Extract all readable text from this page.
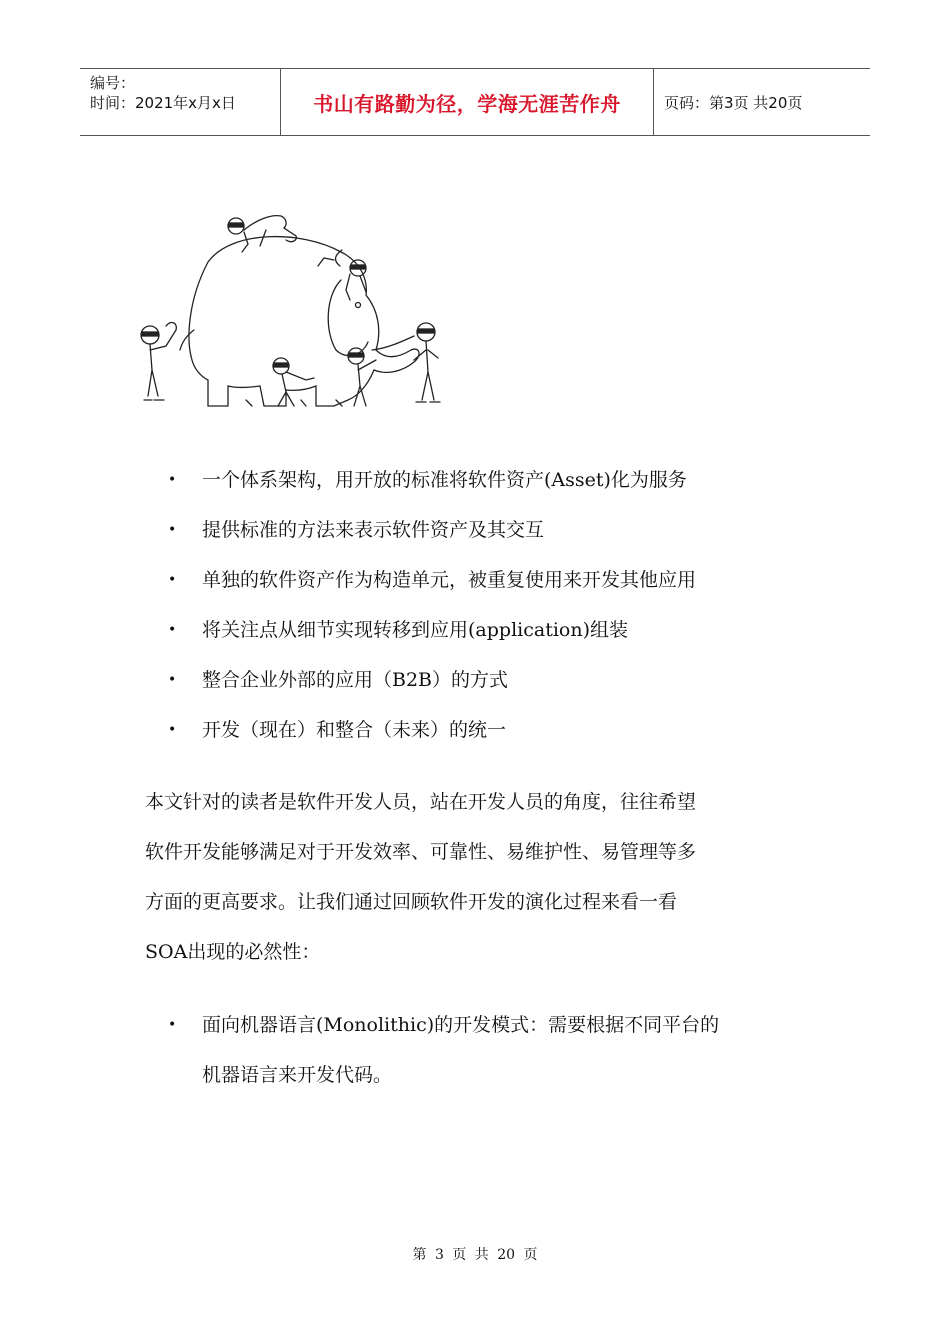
编号：
时间：2021年x月x日	书山有路勤为径，学海无涯苦作舟	页码：第3页 共20页
• 一个体系架构，用开放的标准将软件资产(Asset)化为服务
• 提供标准的方法来表示软件资产及其交互
• 单独的软件资产作为构造单元，被重复使用来开发其他应用
• 将关注点从细节实现转移到应用(application)组装
• 整合企业外部的应用（B2B）的方式
• 开发（现在）和整合（未来）的统一

本文针对的读者是软件开发人员，站在开发人员的角度，往往希望
软件开发能够满足对于开发效率、可靠性、易维护性、易管理等多
方面的更高要求。让我们通过回顾软件开发的演化过程来看一看
SOA出现的必然性：

• 面向机器语言(Monolithic)的开发模式：需要根据不同平台的
机器语言来开发代码。
第 3 页 共 20 页
